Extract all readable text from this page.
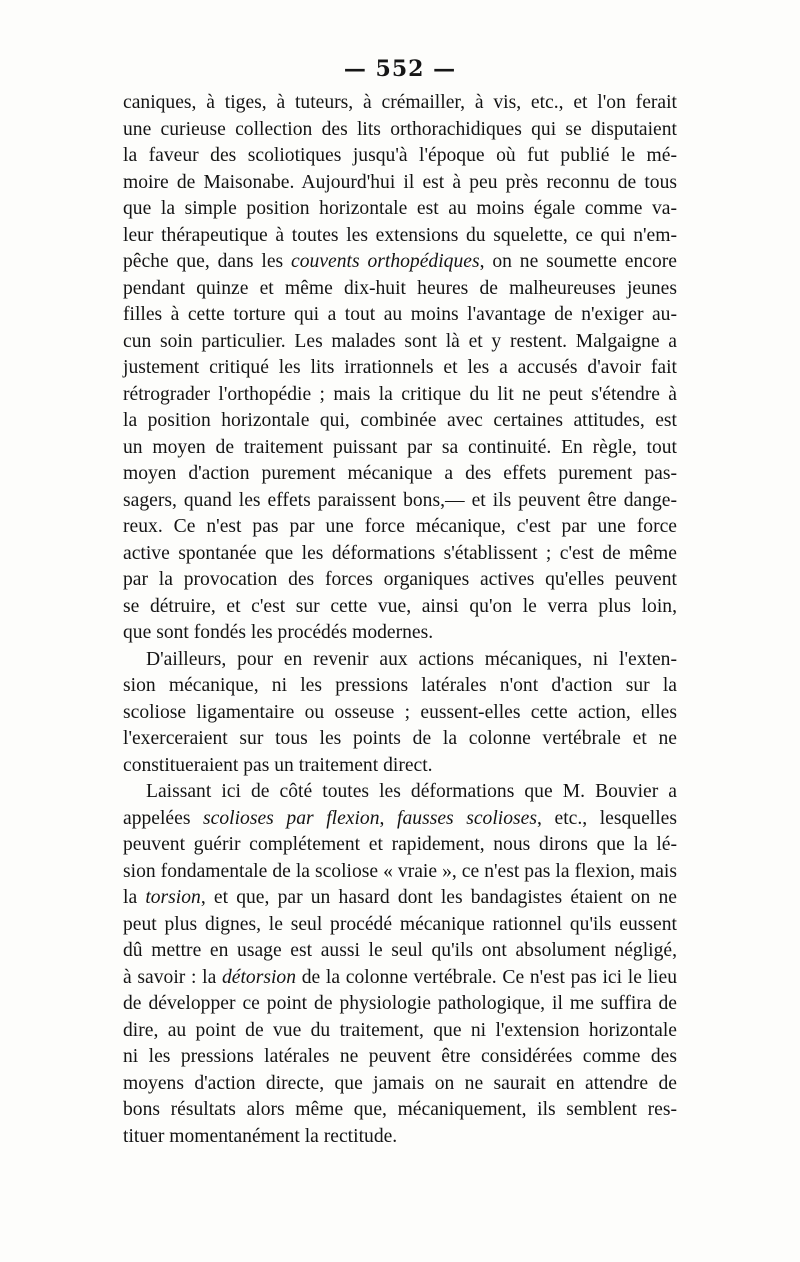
— 552 —
caniques, à tiges, à tuteurs, à crémailler, à vis, etc., et l'on ferait
une curieuse collection des lits orthorachidiques qui se disputaient
la faveur des scoliotiques jusqu'à l'époque où fut publié le mé-
moire de Maisonabe. Aujourd'hui il est à peu près reconnu de tous
que la simple position horizontale est au moins égale comme va-
leur thérapeutique à toutes les extensions du squelette, ce qui n'em-
pêche que, dans les couvents orthopédiques, on ne soumette encore
pendant quinze et même dix-huit heures de malheureuses jeunes
filles à cette torture qui a tout au moins l'avantage de n'exiger au-
cun soin particulier. Les malades sont là et y restent. Malgaigne a
justement critiqué les lits irrationnels et les a accusés d'avoir fait
rétrograder l'orthopédie ; mais la critique du lit ne peut s'étendre à
la position horizontale qui, combinée avec certaines attitudes, est
un moyen de traitement puissant par sa continuité. En règle, tout
moyen d'action purement mécanique a des effets purement pas-
sagers, quand les effets paraissent bons,— et ils peuvent être dange-
reux. Ce n'est pas par une force mécanique, c'est par une force
active spontanée que les déformations s'établissent ; c'est de même
par la provocation des forces organiques actives qu'elles peuvent
se détruire, et c'est sur cette vue, ainsi qu'on le verra plus loin,
que sont fondés les procédés modernes.
D'ailleurs, pour en revenir aux actions mécaniques, ni l'exten-
sion mécanique, ni les pressions latérales n'ont d'action sur la
scoliose ligamentaire ou osseuse ; eussent-elles cette action, elles
l'exerceraient sur tous les points de la colonne vertébrale et ne
constitueraient pas un traitement direct.
Laissant ici de côté toutes les déformations que M. Bouvier a
appelées scolioses par flexion, fausses scolioses, etc., lesquelles
peuvent guérir complétement et rapidement, nous dirons que la lé-
sion fondamentale de la scoliose « vraie », ce n'est pas la flexion, mais
la torsion, et que, par un hasard dont les bandagistes étaient on ne
peut plus dignes, le seul procédé mécanique rationnel qu'ils eussent
dû mettre en usage est aussi le seul qu'ils ont absolument négligé,
à savoir : la détorsion de la colonne vertébrale. Ce n'est pas ici le lieu
de développer ce point de physiologie pathologique, il me suffira de
dire, au point de vue du traitement, que ni l'extension horizontale
ni les pressions latérales ne peuvent être considérées comme des
moyens d'action directe, que jamais on ne saurait en attendre de
bons résultats alors même que, mécaniquement, ils semblent res-
tituer momentanément la rectitude.
